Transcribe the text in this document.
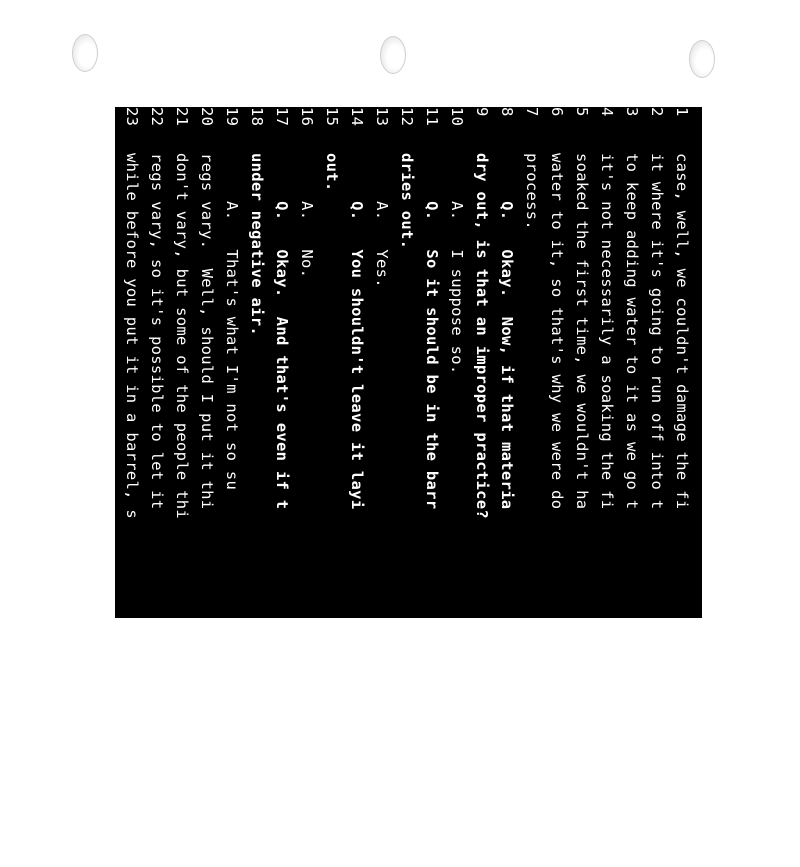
1
case, well, we couldn't damage the fi
2
it where it's going to run off into t
3
to keep adding water to it as we go t
4
it's not necessarily a soaking the fi
5
soaked the first time, we wouldn't ha
6
water to it, so that's why we were do
7
process.
8
Q.   Okay.  Now, if that materia
9
dry out, is that an improper practice?
10
A.   I suppose so.
11
Q.   So it should be in the barr
12
dries out.
13
A.   Yes.
14
Q.   You shouldn't leave it layi
15
out.
16
A.   No.
17
Q.   Okay.  And that's even if t
18
under negative air.
19
A.   That's what I'm not so su
20
regs vary.  Well, should I put it thi
21
don't vary, but some of the people thi
22
regs vary, so it's possible to let it
23
while before you put it in a barrel, s
24
always go directly into the barrel is
